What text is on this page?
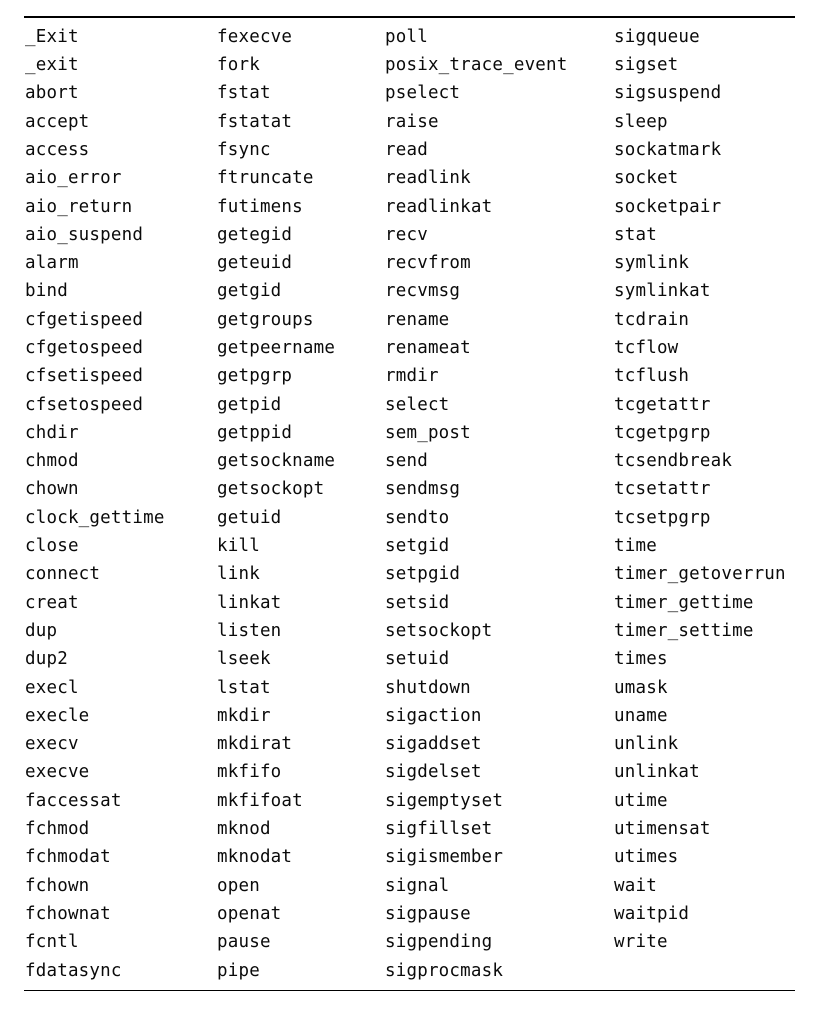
_Exit	fexecve	poll	sigqueue
_exit	fork	posix_trace_event	sigset
abort	fstat	pselect	sigsuspend
accept	fstatat	raise	sleep
access	fsync	read	sockatmark
aio_error	ftruncate	readlink	socket
aio_return	futimens	readlinkat	socketpair
aio_suspend	getegid	recv	stat
alarm	geteuid	recvfrom	symlink
bind	getgid	recvmsg	symlinkat
cfgetispeed	getgroups	rename	tcdrain
cfgetospeed	getpeername	renameat	tcflow
cfsetispeed	getpgrp	rmdir	tcflush
cfsetospeed	getpid	select	tcgetattr
chdir	getppid	sem_post	tcgetpgrp
chmod	getsockname	send	tcsendbreak
chown	getsockopt	sendmsg	tcsetattr
clock_gettime	getuid	sendto	tcsetpgrp
close	kill	setgid	time
connect	link	setpgid	timer_getoverrun
creat	linkat	setsid	timer_gettime
dup	listen	setsockopt	timer_settime
dup2	lseek	setuid	times
execl	lstat	shutdown	umask
execle	mkdir	sigaction	uname
execv	mkdirat	sigaddset	unlink
execve	mkfifo	sigdelset	unlinkat
faccessat	mkfifoat	sigemptyset	utime
fchmod	mknod	sigfillset	utimensat
fchmodat	mknodat	sigismember	utimes
fchown	open	signal	wait
fchownat	openat	sigpause	waitpid
fcntl	pause	sigpending	write
fdatasync	pipe	sigprocmask
